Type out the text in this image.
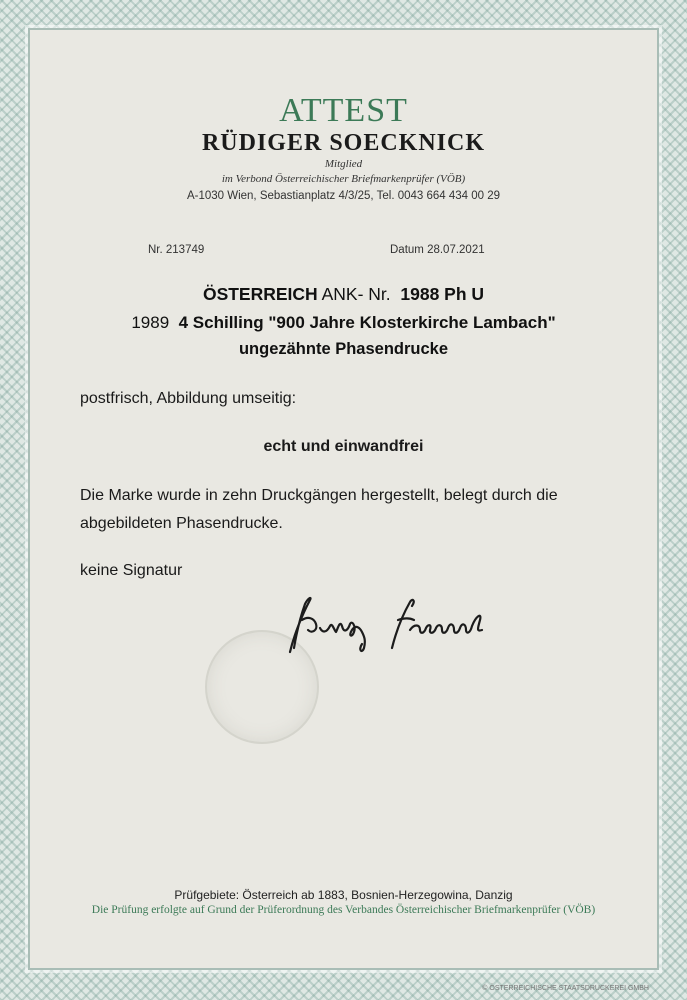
ATTEST
RÜDIGER SOECKNICK
Mitglied
im Verbond Österreichischer Briefmarkenprüfer (VÖB)
A-1030 Wien, Sebastianplatz 4/3/25, Tel. 0043 664 434 00 29
Nr. 213749	Datum 28.07.2021
ÖSTERREICH ANK- Nr. 1988 Ph U
1989 4 Schilling "900 Jahre Klosterkirche Lambach"
ungezähnte Phasendrucke
postfrisch, Abbildung umseitig:
echt und einwandfrei
Die Marke wurde in zehn Druckgängen hergestellt, belegt durch die
abgebildeten Phasendrucke.
keine Signatur
Prüfgebiete: Österreich ab 1883, Bosnien-Herzegowina, Danzig
Die Prüfung erfolgte auf Grund der Prüferordnung des Verbandes Österreichischer Briefmarkenprüfer (VÖB)
© ÖSTERREICHISCHE STAATSDRUCKEREI GMBH
